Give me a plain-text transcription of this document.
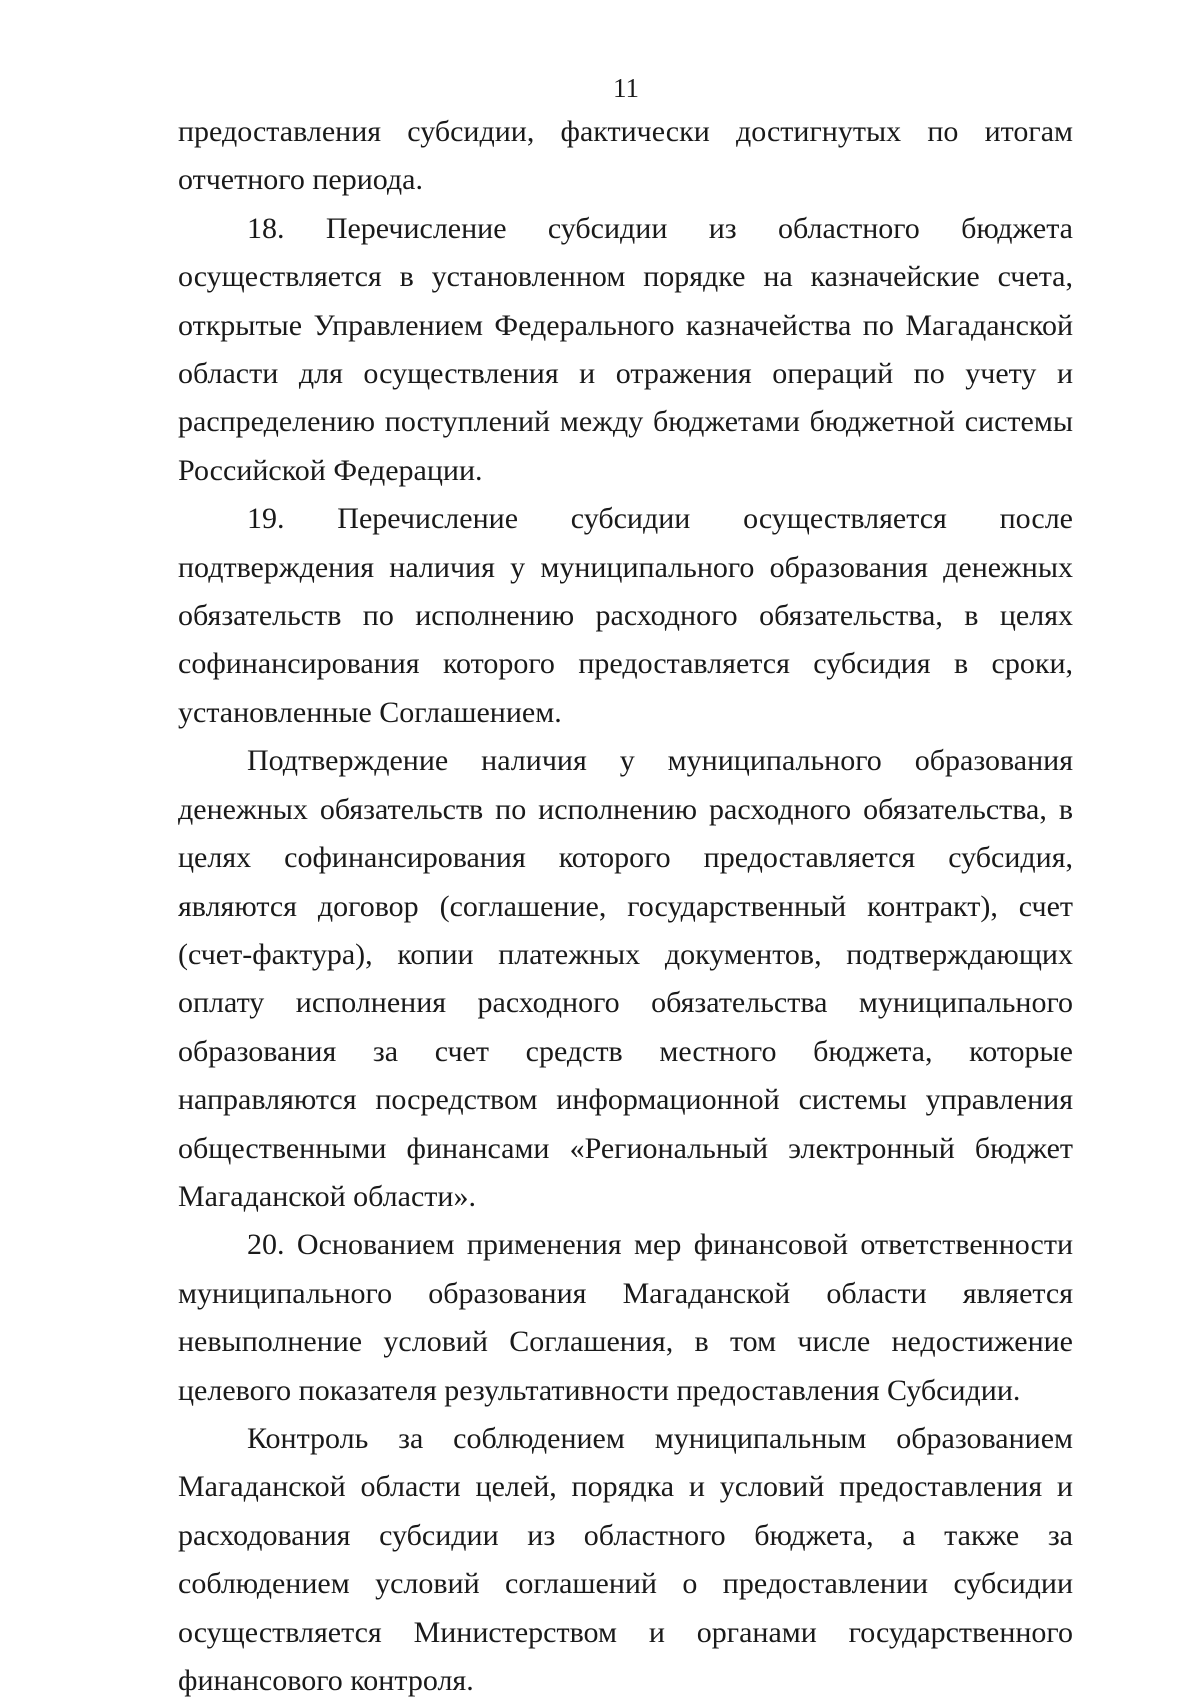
11

предоставления субсидии, фактически достигнутых по итогам отчетного периода.

18. Перечисление субсидии из областного бюджета осуществляется в установленном порядке на казначейские счета, открытые Управлением Федерального казначейства по Магаданской области для осуществления и отражения операций по учету и распределению поступлений между бюджетами бюджетной системы Российской Федерации.

19. Перечисление субсидии осуществляется после подтверждения наличия у муниципального образования денежных обязательств по исполнению расходного обязательства, в целях софинансирования которого предоставляется субсидия в сроки, установленные Соглашением.

Подтверждение наличия у муниципального образования денежных обязательств по исполнению расходного обязательства, в целях софинансирования которого предоставляется субсидия, являются договор (соглашение, государственный контракт), счет (счет-фактура), копии платежных документов, подтверждающих оплату исполнения расходного обязательства муниципального образования за счет средств местного бюджета, которые направляются посредством информационной системы управления общественными финансами «Региональный электронный бюджет Магаданской области».

20. Основанием применения мер финансовой ответственности муниципального образования Магаданской области является невыполнение условий Соглашения, в том числе недостижение целевого показателя результативности предоставления Субсидии.

Контроль за соблюдением муниципальным образованием Магаданской области целей, порядка и условий предоставления и расходования субсидии из областного бюджета, а также за соблюдением условий соглашений о предоставлении субсидии осуществляется Министерством и органами государственного финансового контроля.
